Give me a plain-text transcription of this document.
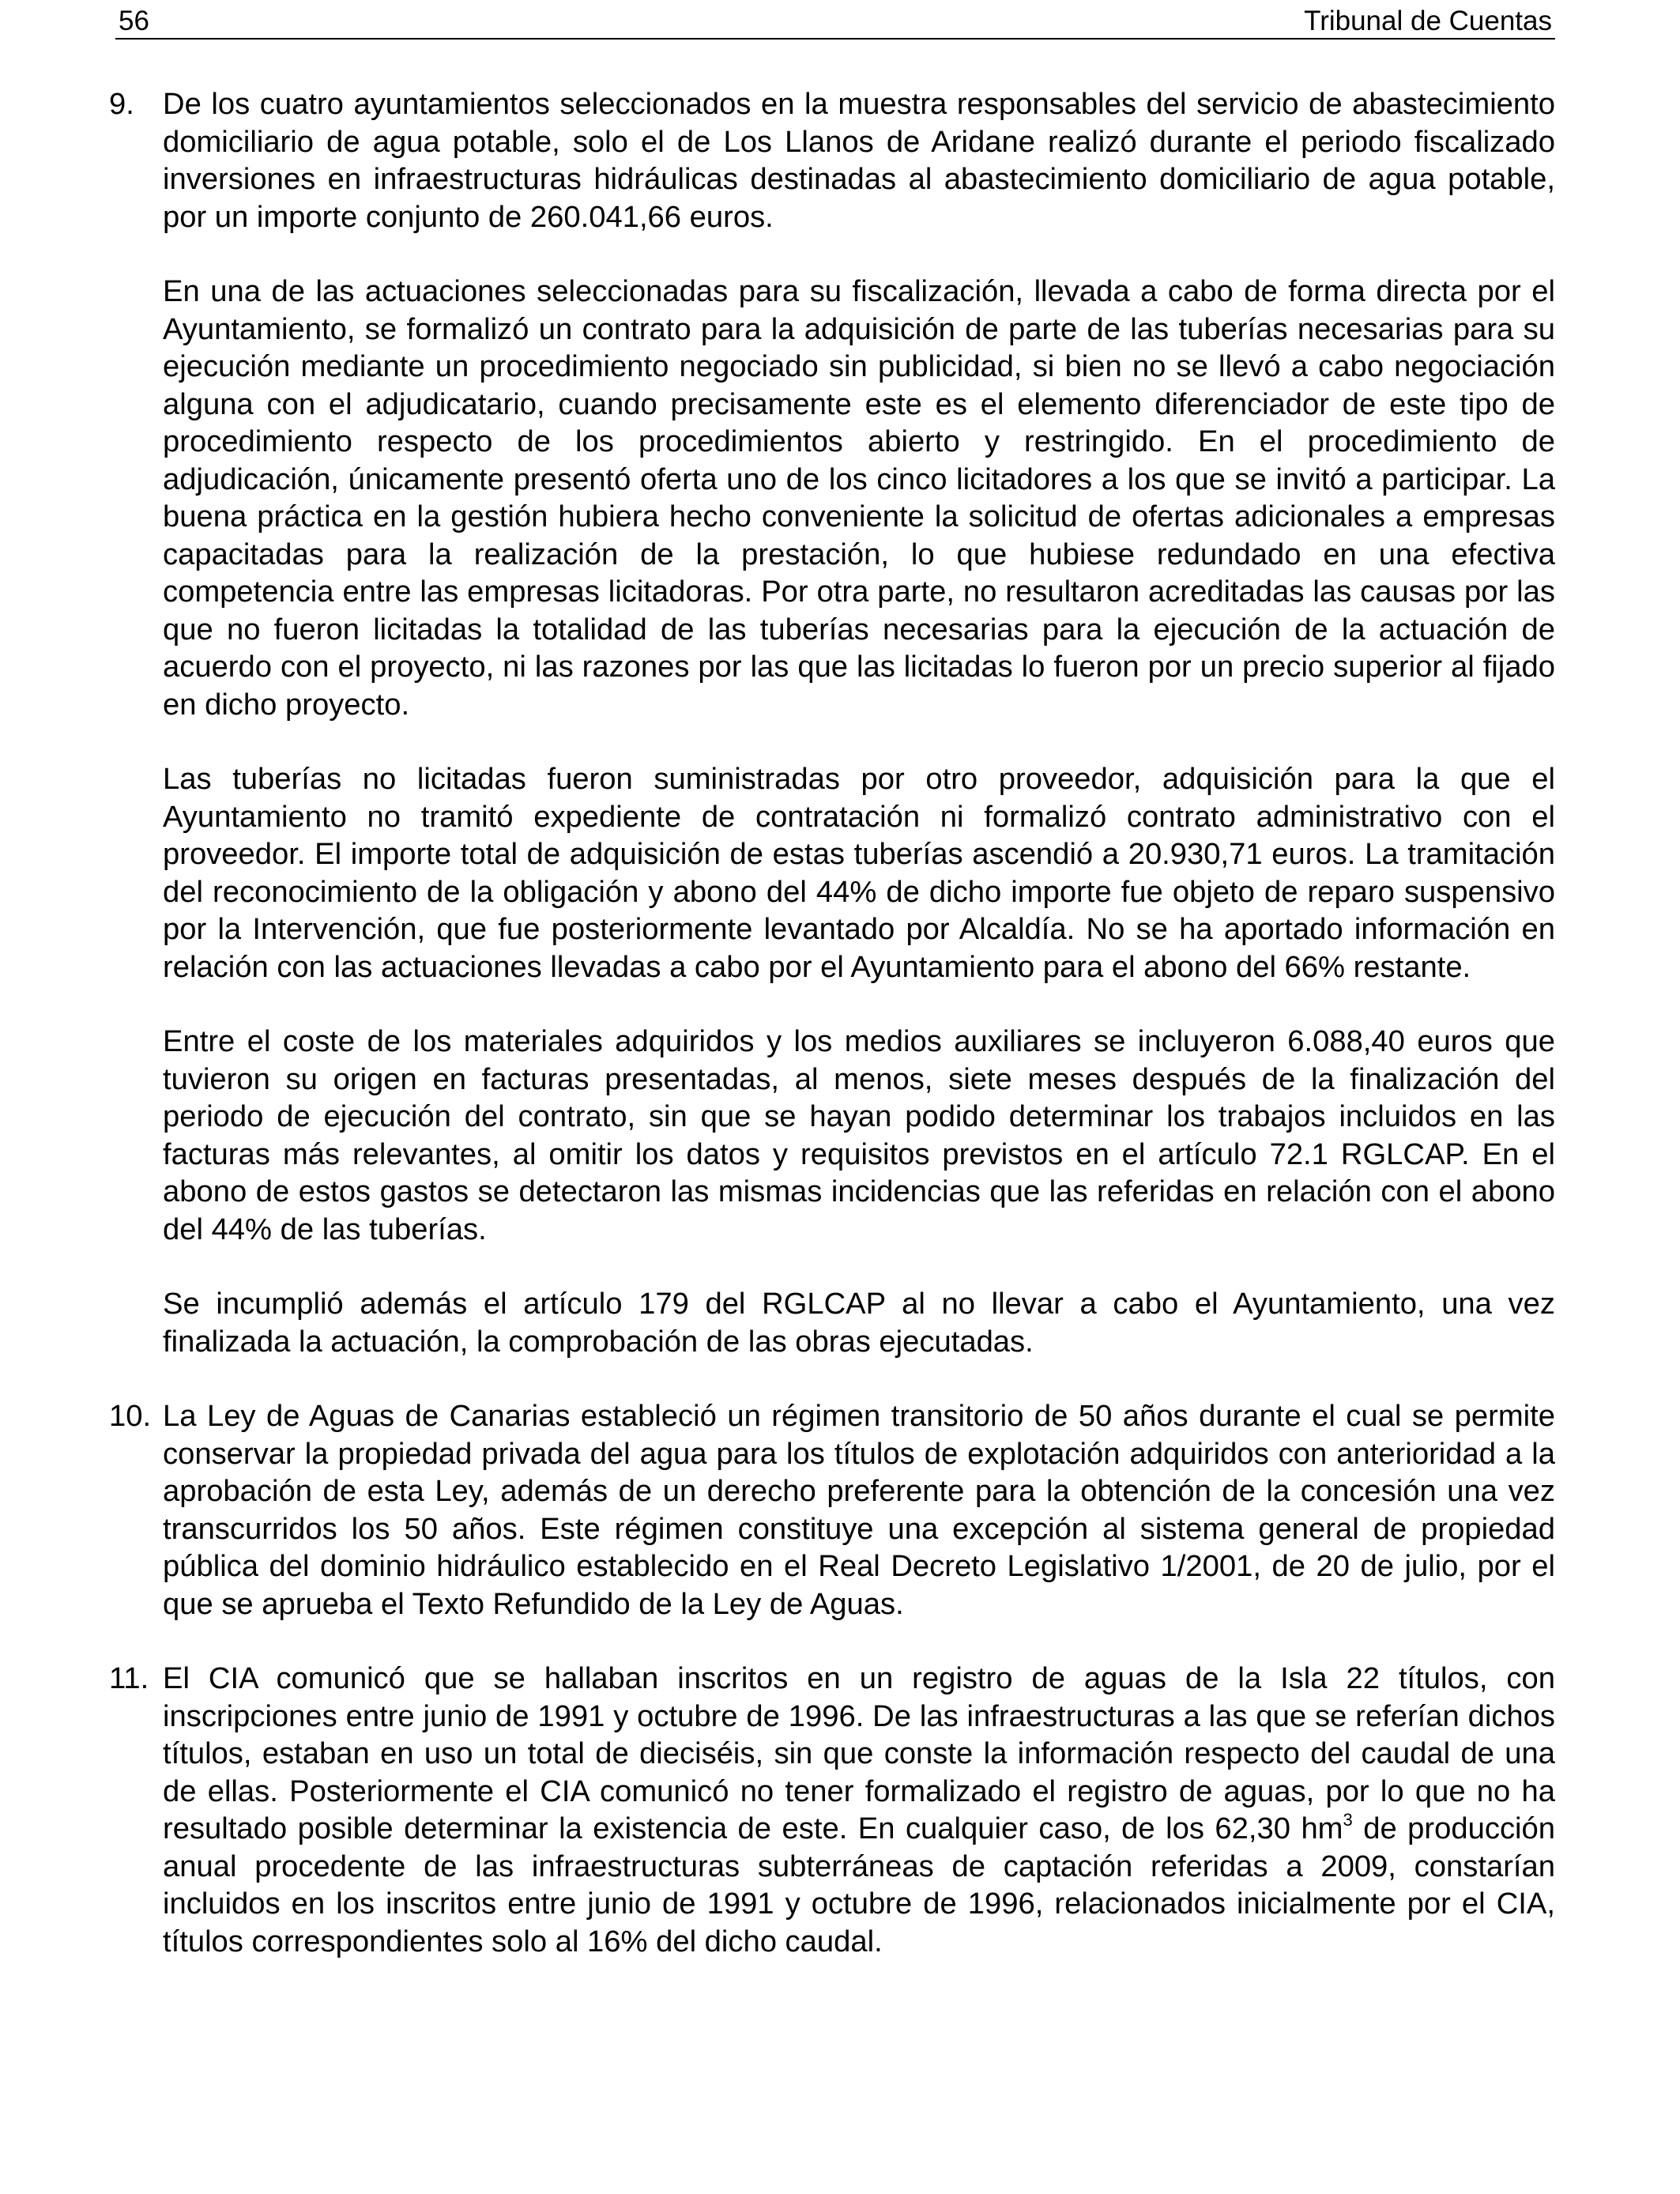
56	Tribunal de Cuentas
9. De los cuatro ayuntamientos seleccionados en la muestra responsables del servicio de abastecimiento domiciliario de agua potable, solo el de Los Llanos de Aridane realizó durante el periodo fiscalizado inversiones en infraestructuras hidráulicas destinadas al abastecimiento domiciliario de agua potable, por un importe conjunto de 260.041,66 euros.

En una de las actuaciones seleccionadas para su fiscalización, llevada a cabo de forma directa por el Ayuntamiento, se formalizó un contrato para la adquisición de parte de las tuberías necesarias para su ejecución mediante un procedimiento negociado sin publicidad, si bien no se llevó a cabo negociación alguna con el adjudicatario, cuando precisamente este es el elemento diferenciador de este tipo de procedimiento respecto de los procedimientos abierto y restringido. En el procedimiento de adjudicación, únicamente presentó oferta uno de los cinco licitadores a los que se invitó a participar. La buena práctica en la gestión hubiera hecho conveniente la solicitud de ofertas adicionales a empresas capacitadas para la realización de la prestación, lo que hubiese redundado en una efectiva competencia entre las empresas licitadoras. Por otra parte, no resultaron acreditadas las causas por las que no fueron licitadas la totalidad de las tuberías necesarias para la ejecución de la actuación de acuerdo con el proyecto, ni las razones por las que las licitadas lo fueron por un precio superior al fijado en dicho proyecto.

Las tuberías no licitadas fueron suministradas por otro proveedor, adquisición para la que el Ayuntamiento no tramitó expediente de contratación ni formalizó contrato administrativo con el proveedor. El importe total de adquisición de estas tuberías ascendió a 20.930,71 euros. La tramitación del reconocimiento de la obligación y abono del 44% de dicho importe fue objeto de reparo suspensivo por la Intervención, que fue posteriormente levantado por Alcaldía. No se ha aportado información en relación con las actuaciones llevadas a cabo por el Ayuntamiento para el abono del 66% restante.

Entre el coste de los materiales adquiridos y los medios auxiliares se incluyeron 6.088,40 euros que tuvieron su origen en facturas presentadas, al menos, siete meses después de la finalización del periodo de ejecución del contrato, sin que se hayan podido determinar los trabajos incluidos en las facturas más relevantes, al omitir los datos y requisitos previstos en el artículo 72.1 RGLCAP. En el abono de estos gastos se detectaron las mismas incidencias que las referidas en relación con el abono del 44% de las tuberías.

Se incumplió además el artículo 179 del RGLCAP al no llevar a cabo el Ayuntamiento, una vez finalizada la actuación, la comprobación de las obras ejecutadas.

10. La Ley de Aguas de Canarias estableció un régimen transitorio de 50 años durante el cual se permite conservar la propiedad privada del agua para los títulos de explotación adquiridos con anterioridad a la aprobación de esta Ley, además de un derecho preferente para la obtención de la concesión una vez transcurridos los 50 años. Este régimen constituye una excepción al sistema general de propiedad pública del dominio hidráulico establecido en el Real Decreto Legislativo 1/2001, de 20 de julio, por el que se aprueba el Texto Refundido de la Ley de Aguas.

11. El CIA comunicó que se hallaban inscritos en un registro de aguas de la Isla 22 títulos, con inscripciones entre junio de 1991 y octubre de 1996. De las infraestructuras a las que se referían dichos títulos, estaban en uso un total de dieciséis, sin que conste la información respecto del caudal de una de ellas. Posteriormente el CIA comunicó no tener formalizado el registro de aguas, por lo que no ha resultado posible determinar la existencia de este. En cualquier caso, de los 62,30 $hm^3$ de producción anual procedente de las infraestructuras subterráneas de captación referidas a 2009, constarían incluidos en los inscritos entre junio de 1991 y octubre de 1996, relacionados inicialmente por el CIA, títulos correspondientes solo al 16% del dicho caudal.
